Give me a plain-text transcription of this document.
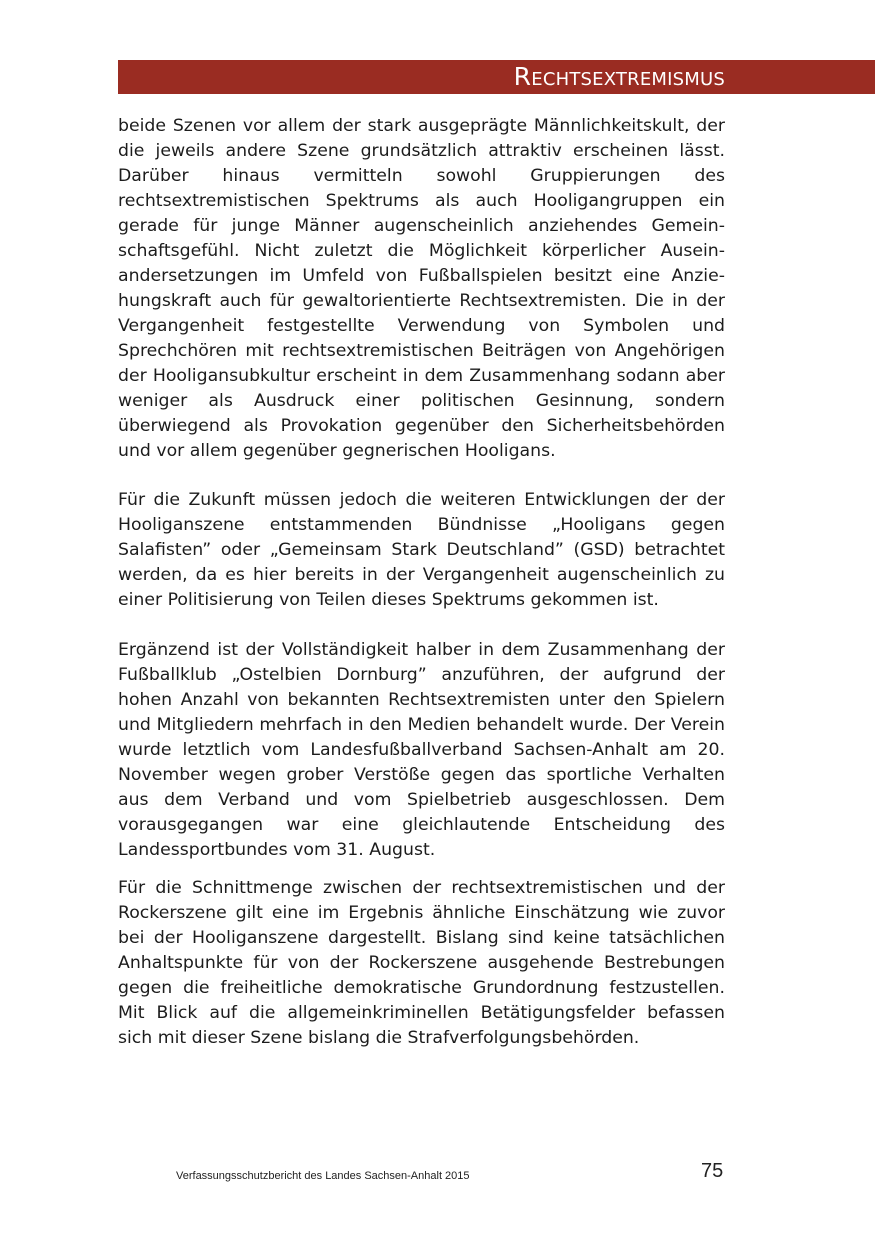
Rechtsextremismus

beide Szenen vor allem der stark ausgeprägte Männlichkeitskult, der die jeweils andere Szene grundsätzlich attraktiv erscheinen lässt. Darüber hinaus vermitteln sowohl Gruppierungen des rechtsextremistischen Spektrums als auch Hooligangruppen ein gerade für junge Männer augenscheinlich anziehendes Gemeinschaftsgefühl. Nicht zuletzt die Möglichkeit körperlicher Auseinandersetzungen im Umfeld von Fußballspielen besitzt eine Anziehungskraft auch für gewaltorientierte Rechtsextremisten. Die in der Vergangenheit festgestellte Verwendung von Symbolen und Sprechchören mit rechtsextremistischen Beiträgen von Angehörigen der Hooligansubkultur erscheint in dem Zusammenhang sodann aber weniger als Ausdruck einer politischen Gesinnung, sondern überwiegend als Provokation gegenüber den Sicherheitsbehörden und vor allem gegenüber gegnerischen Hooligans.

Für die Zukunft müssen jedoch die weiteren Entwicklungen der der Hooliganszene entstammenden Bündnisse „Hooligans gegen Salafisten” oder „Gemeinsam Stark Deutschland” (GSD) betrachtet werden, da es hier bereits in der Vergangenheit augenscheinlich zu einer Politisierung von Teilen dieses Spektrums gekommen ist.

Ergänzend ist der Vollständigkeit halber in dem Zusammenhang der Fußballklub „Ostelbien Dornburg” anzuführen, der aufgrund der hohen Anzahl von bekannten Rechtsextremisten unter den Spielern und Mitgliedern mehrfach in den Medien behandelt wurde. Der Verein wurde letztlich vom Landesfußballverband Sachsen-Anhalt am 20. November wegen grober Verstöße gegen das sportliche Verhalten aus dem Verband und vom Spielbetrieb ausgeschlossen. Dem vorausgegangen war eine gleichlautende Entscheidung des Landessportbundes vom 31. August.

Für die Schnittmenge zwischen der rechtsextremistischen und der Rockerszene gilt eine im Ergebnis ähnliche Einschätzung wie zuvor bei der Hooliganszene dargestellt. Bislang sind keine tatsächlichen Anhaltspunkte für von der Rockerszene ausgehende Bestrebungen gegen die freiheitliche demokratische Grundordnung festzustellen. Mit Blick auf die allgemeinkriminellen Betätigungsfelder befassen sich mit dieser Szene bislang die Strafverfolgungsbehörden.

Verfassungsschutzbericht des Landes Sachsen-Anhalt 2015	75
